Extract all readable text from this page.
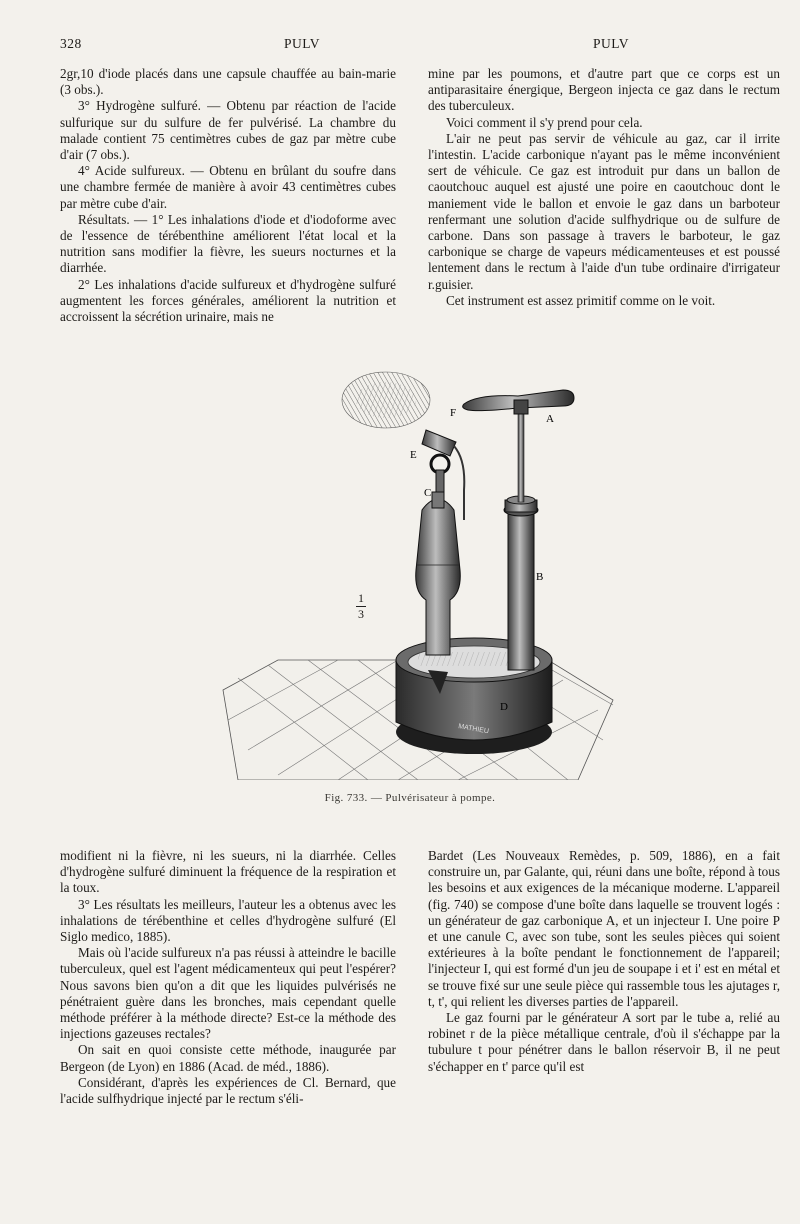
328	PULV	PULV

2gr,10 d'iode placés dans une capsule chauffée au bain-marie (3 obs.).

3° Hydrogène sulfuré. — Obtenu par réaction de l'acide sulfurique sur du sulfure de fer pulvérisé. La chambre du malade contient 75 centimètres cubes de gaz par mètre cube d'air (7 obs.).

4° Acide sulfureux. — Obtenu en brûlant du soufre dans une chambre fermée de manière à avoir 43 centimètres cubes par mètre cube d'air.

Résultats. — 1° Les inhalations d'iode et d'iodoforme avec de l'essence de térébenthine améliorent l'état local et la nutrition sans modifier la fièvre, les sueurs nocturnes et la diarrhée.

2° Les inhalations d'acide sulfureux et d'hydrogène sulfuré augmentent les forces générales, améliorent la nutrition et accroissent la sécrétion urinaire, mais ne

mine par les poumons, et d'autre part que ce corps est un antiparasitaire énergique, Bergeon injecta ce gaz dans le rectum des tuberculeux.

Voici comment il s'y prend pour cela.

L'air ne peut pas servir de véhicule au gaz, car il irrite l'intestin. L'acide carbonique n'ayant pas le même inconvénient sert de véhicule. Ce gaz est introduit pur dans un ballon de caoutchouc auquel est ajusté une poire en caoutchouc dont le maniement vide le ballon et envoie le gaz dans un barboteur renfermant une solution d'acide sulfhydrique ou de sulfure de carbone. Dans son passage à travers le barboteur, le gaz carbonique se charge de vapeurs médicamenteuses et est poussé lentement dans le rectum à l'aide d'un tube ordinaire d'irrigateur r.guisier.

Cet instrument est assez primitif comme on le voit.

MATHIEU
A
B
C
D
E
F
1
3
Fig. 733. — Pulvérisateur à pompe.

modifient ni la fièvre, ni les sueurs, ni la diarrhée. Celles d'hydrogène sulfuré diminuent la fréquence de la respiration et la toux.

3° Les résultats les meilleurs, l'auteur les a obtenus avec les inhalations de térébenthine et celles d'hydrogène sulfuré (El Siglo medico, 1885).

Mais où l'acide sulfureux n'a pas réussi à atteindre le bacille tuberculeux, quel est l'agent médicamenteux qui peut l'espérer? Nous savons bien qu'on a dit que les liquides pulvérisés ne pénétraient guère dans les bronches, mais cependant quelle méthode préférer à la méthode directe? Est-ce la méthode des injections gazeuses rectales?

On sait en quoi consiste cette méthode, inaugurée par Bergeon (de Lyon) en 1886 (Acad. de méd., 1886).

Considérant, d'après les expériences de Cl. Bernard, que l'acide sulfhydrique injecté par le rectum s'éli-

Bardet (Les Nouveaux Remèdes, p. 509, 1886), en a fait construire un, par Galante, qui, réuni dans une boîte, répond à tous les besoins et aux exigences de la mécanique moderne. L'appareil (fig. 740) se compose d'une boîte dans laquelle se trouvent logés : un générateur de gaz carbonique A, et un injecteur I. Une poire P et une canule C, avec son tube, sont les seules pièces qui soient extérieures à la boîte pendant le fonctionnement de l'appareil; l'injecteur I, qui est formé d'un jeu de soupape i et i' est en métal et se trouve fixé sur une seule pièce qui rassemble tous les ajutages r, t, t', qui relient les diverses parties de l'appareil.

Le gaz fourni par le générateur A sort par le tube a, relié au robinet r de la pièce métallique centrale, d'où il s'échappe par la tubulure t pour pénétrer dans le ballon réservoir B, il ne peut s'échapper en t' parce qu'il est
